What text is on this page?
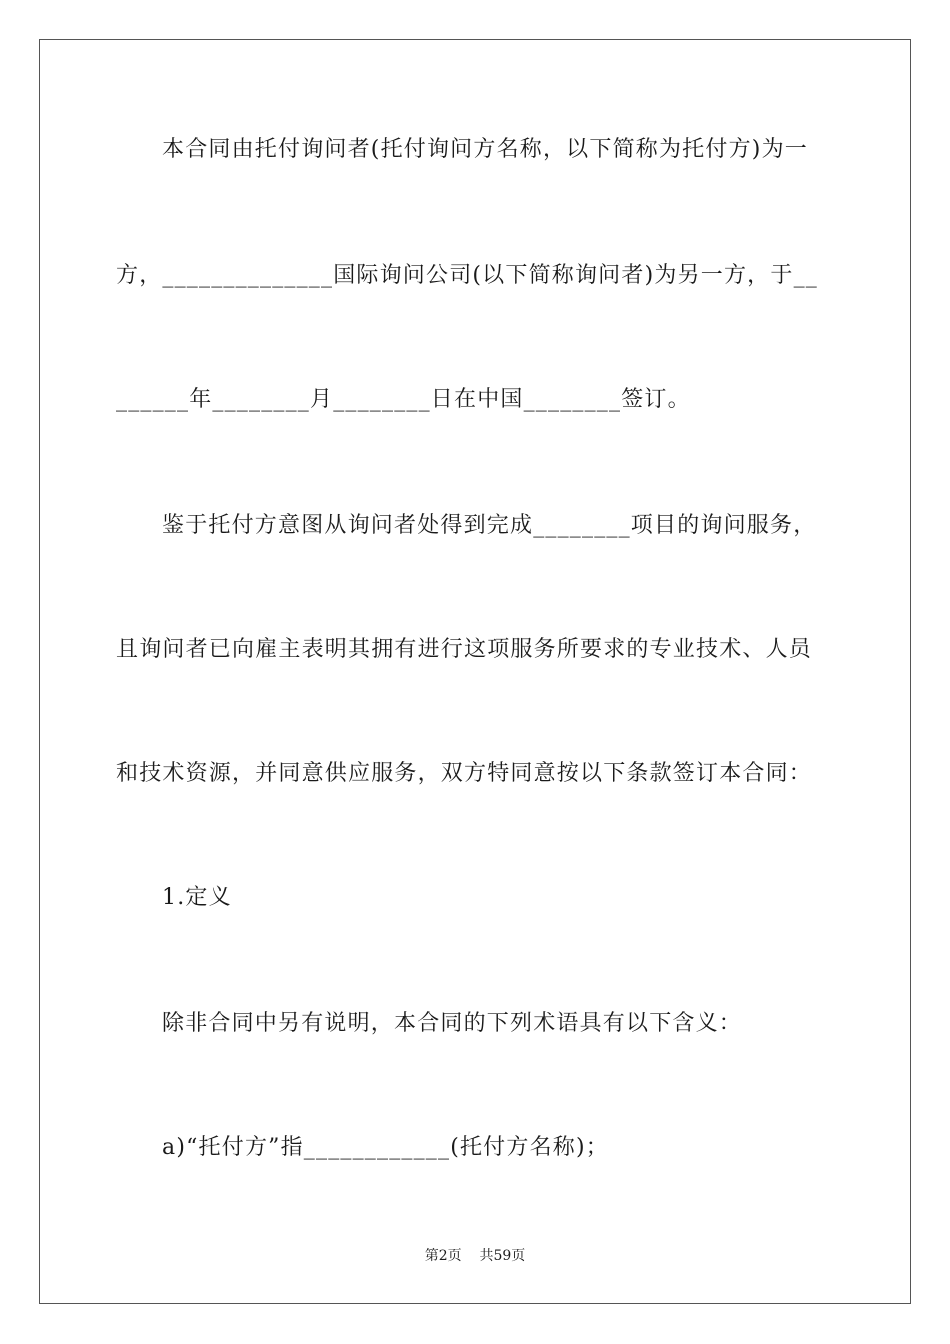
本合同由托付询问者(托付询问方名称，以下简称为托付方)为一
方，______________国际询问公司(以下简称询问者)为另一方，于__
______年________月________日在中国________签订。
鉴于托付方意图从询问者处得到完成________项目的询问服务，
且询问者已向雇主表明其拥有进行这项服务所要求的专业技术、人员
和技术资源，并同意供应服务，双方特同意按以下条款签订本合同：
1.定义
除非合同中另有说明，本合同的下列术语具有以下含义：
a)“托付方”指____________(托付方名称)；
第2页    共59页
